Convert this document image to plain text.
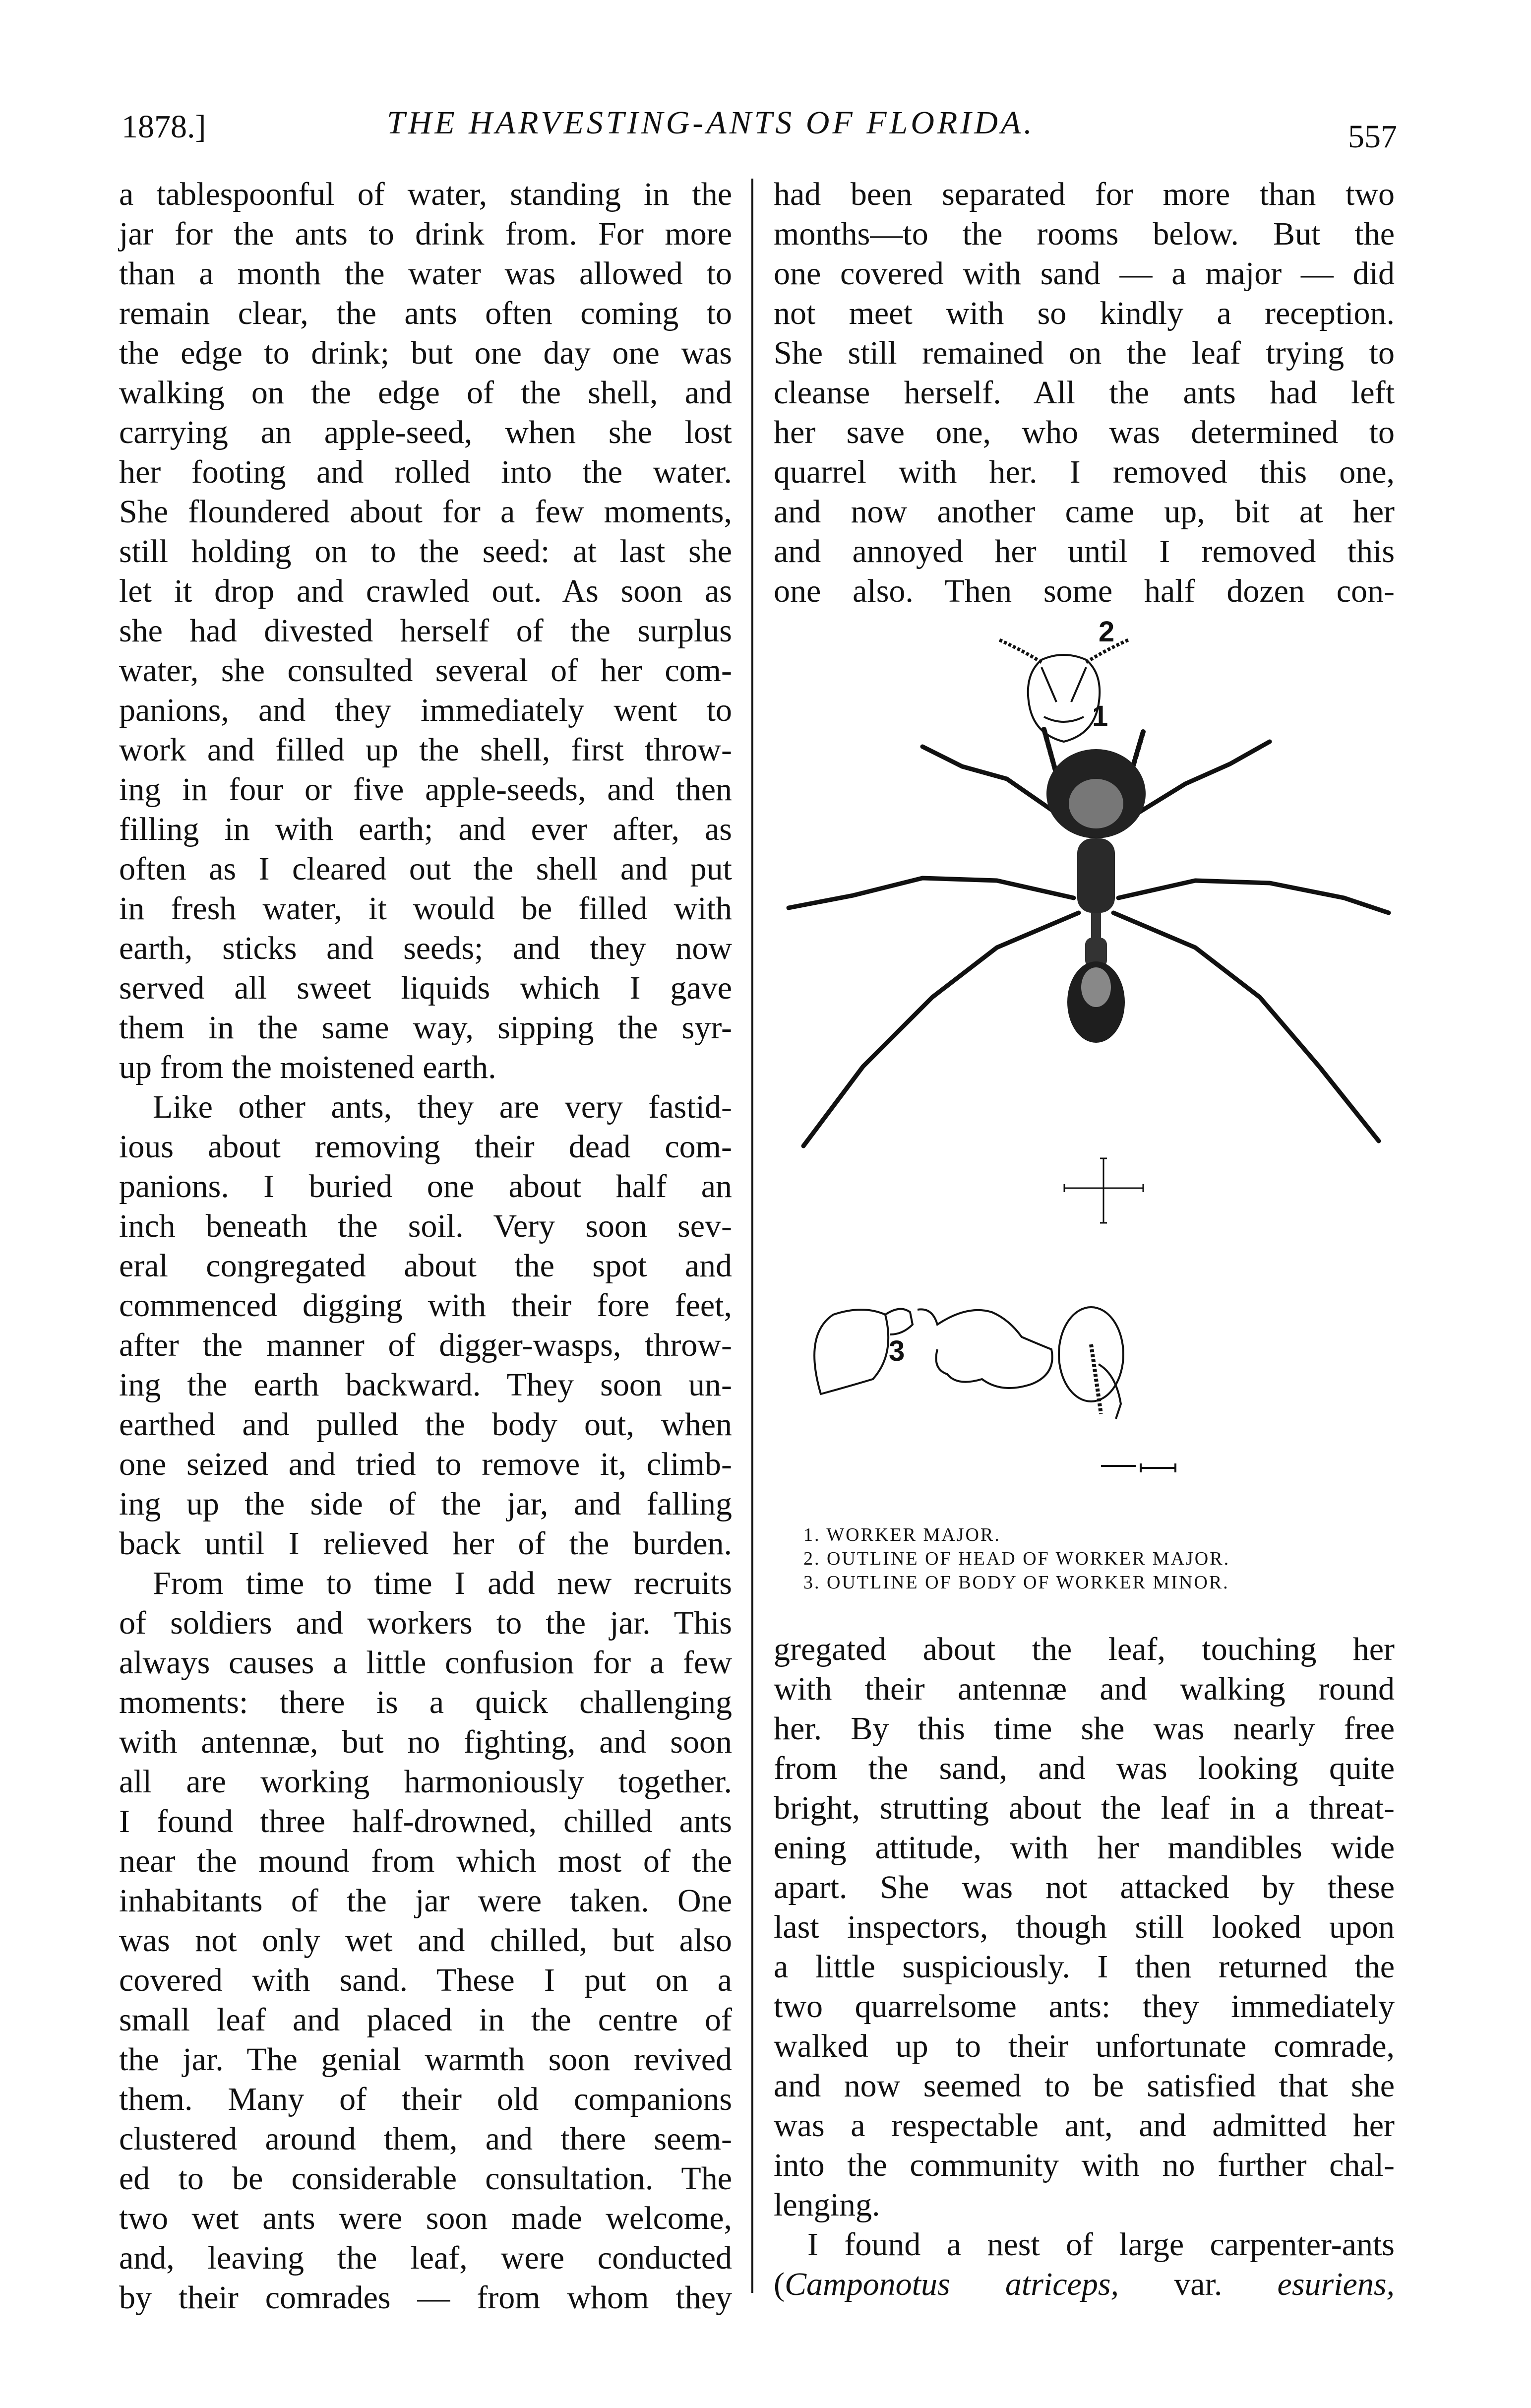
1878.]	THE HARVESTING-ANTS OF FLORIDA.	557
a tablespoonful of water, standing in the
jar for the ants to drink from. For more
than a month the water was allowed to
remain clear, the ants often coming to
the edge to drink; but one day one was
walking on the edge of the shell, and
carrying an apple-seed, when she lost
her footing and rolled into the water.
She floundered about for a few moments,
still holding on to the seed: at last she
let it drop and crawled out. As soon as
she had divested herself of the surplus
water, she consulted several of her com-
panions, and they immediately went to
work and filled up the shell, first throw-
ing in four or five apple-seeds, and then
filling in with earth; and ever after, as
often as I cleared out the shell and put
in fresh water, it would be filled with
earth, sticks and seeds; and they now
served all sweet liquids which I gave
them in the same way, sipping the syr-
up from the moistened earth.
Like other ants, they are very fastid-
ious about removing their dead com-
panions. I buried one about half an
inch beneath the soil. Very soon sev-
eral congregated about the spot and
commenced digging with their fore feet,
after the manner of digger-wasps, throw-
ing the earth backward. They soon un-
earthed and pulled the body out, when
one seized and tried to remove it, climb-
ing up the side of the jar, and falling
back until I relieved her of the burden.
From time to time I add new recruits
of soldiers and workers to the jar. This
always causes a little confusion for a few
moments: there is a quick challenging
with antennæ, but no fighting, and soon
all are working harmoniously together.
I found three half-drowned, chilled ants
near the mound from which most of the
inhabitants of the jar were taken. One
was not only wet and chilled, but also
covered with sand. These I put on a
small leaf and placed in the centre of
the jar. The genial warmth soon revived
them. Many of their old companions
clustered around them, and there seem-
ed to be considerable consultation. The
two wet ants were soon made welcome,
and, leaving the leaf, were conducted
by their comrades — from whom they
had been separated for more than two
months—to the rooms below. But the
one covered with sand — a major — did
not meet with so kindly a reception.
She still remained on the leaf trying to
cleanse herself. All the ants had left
her save one, who was determined to
quarrel with her. I removed this one,
and now another came up, bit at her
and annoyed her until I removed this
one also. Then some half dozen con-
2
1
3
1. WORKER MAJOR.
2. OUTLINE OF HEAD OF WORKER MAJOR.
3. OUTLINE OF BODY OF WORKER MINOR.
gregated about the leaf, touching her
with their antennæ and walking round
her. By this time she was nearly free
from the sand, and was looking quite
bright, strutting about the leaf in a threat-
ening attitude, with her mandibles wide
apart. She was not attacked by these
last inspectors, though still looked upon
a little suspiciously. I then returned the
two quarrelsome ants: they immediately
walked up to their unfortunate comrade,
and now seemed to be satisfied that she
was a respectable ant, and admitted her
into the community with no further chal-
lenging.
I found a nest of large carpenter-ants
(Camponotus atriceps, var. esuriens,
